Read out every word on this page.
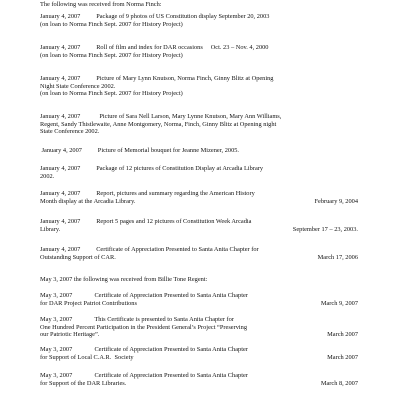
The following was received from Norma Finch:
January 4, 2007          Package of 9 photos of US Constitution display September 20, 2003
(on loan to Norma Finch Sept. 2007 for History Project)
January 4, 2007          Roll of film and index for DAR occasions     Oct. 23 – Nov. 4, 2000
(on loan to Norma Finch Sept. 2007 for History Project)
January 4, 2007          Picture of Mary Lynn Knutson, Norma Finch, Ginny Blitz at Opening
Night State Conference 2002.
(on loan to Norma Finch Sept. 2007 for History Project)
January 4, 2007            Picture of Sara Nell Larson, Mary Lynne Knutson, Mary Ann Williams,
Regent, Sandy Thistlewaite, Anne Montgomery, Norma, Finch, Ginny Blitz at Opening night
State Conference 2002.
January 4, 2007          Picture of Memorial bouquet for Jeanne Mizener, 2005.
January 4, 2007          Package of 12 pictures of Constitution Display at Arcadia Library
2002.
January 4, 2007          Report, pictures and summary regarding the American History
February 9, 2004
Month display at the Arcadia Library.
January 4, 2007          Report 5 pages and 12 pictures of Constitution Week Arcadia
September 17 – 23, 2003.
Library.
January 4, 2007          Certificate of Appreciation Presented to Santa Anita Chapter for
March 17, 2006
Outstanding Support of CAR.
May 3, 2007 the following was received from Billie Tone Regent:
May 3, 2007              Certificate of Appreciation Presented to Santa Anita Chapter
March 9, 2007
for DAR Project Patriot Contributions
May 3, 2007              This Certificate is presented to Santa Anita Chapter for
One Hundred Percent Participation in the President General’s Project “Preserving
March 2007
our Patriotic Heritage”.
May 3, 2007              Certificate of Appreciation Presented to Santa Anita Chapter
March 2007
for Support of Local C.A.R.  Society
May 3, 2007              Certificate of Appreciation Presented to Santa Anita Chapter
March 8, 2007
for Support of the DAR Libraries.
